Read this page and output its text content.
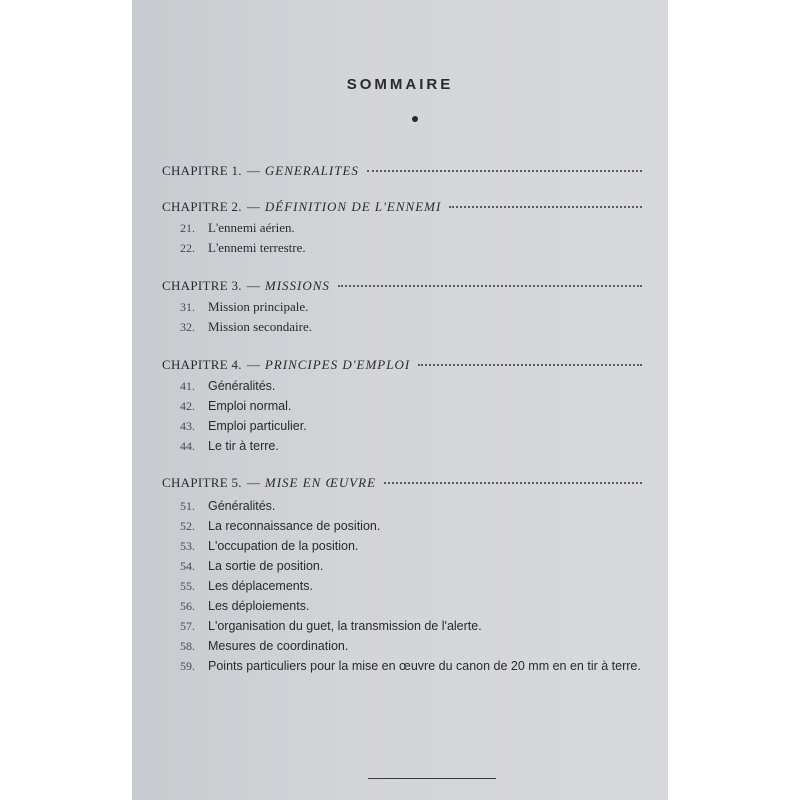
SOMMAIRE
CHAPITRE 1. — GENERALITES
CHAPITRE 2. — DÉFINITION DE L'ENNEMI
21.	L'ennemi aérien.
22.	L'ennemi terrestre.
CHAPITRE 3. — MISSIONS
31.	Mission principale.
32.	Mission secondaire.
CHAPITRE 4. — PRINCIPES D'EMPLOI
41.	Généralités.
42.	Emploi normal.
43.	Emploi particulier.
44.	Le tir à terre.
CHAPITRE 5. — MISE EN ŒUVRE
51.	Généralités.
52.	La reconnaissance de position.
53.	L'occupation de la position.
54.	La sortie de position.
55.	Les déplacements.
56.	Les déploiements.
57.	L'organisation du guet, la transmission de l'alerte.
58.	Mesures de coordination.
59.	Points particuliers pour la mise en œuvre du canon de 20 mm en en tir à terre.
